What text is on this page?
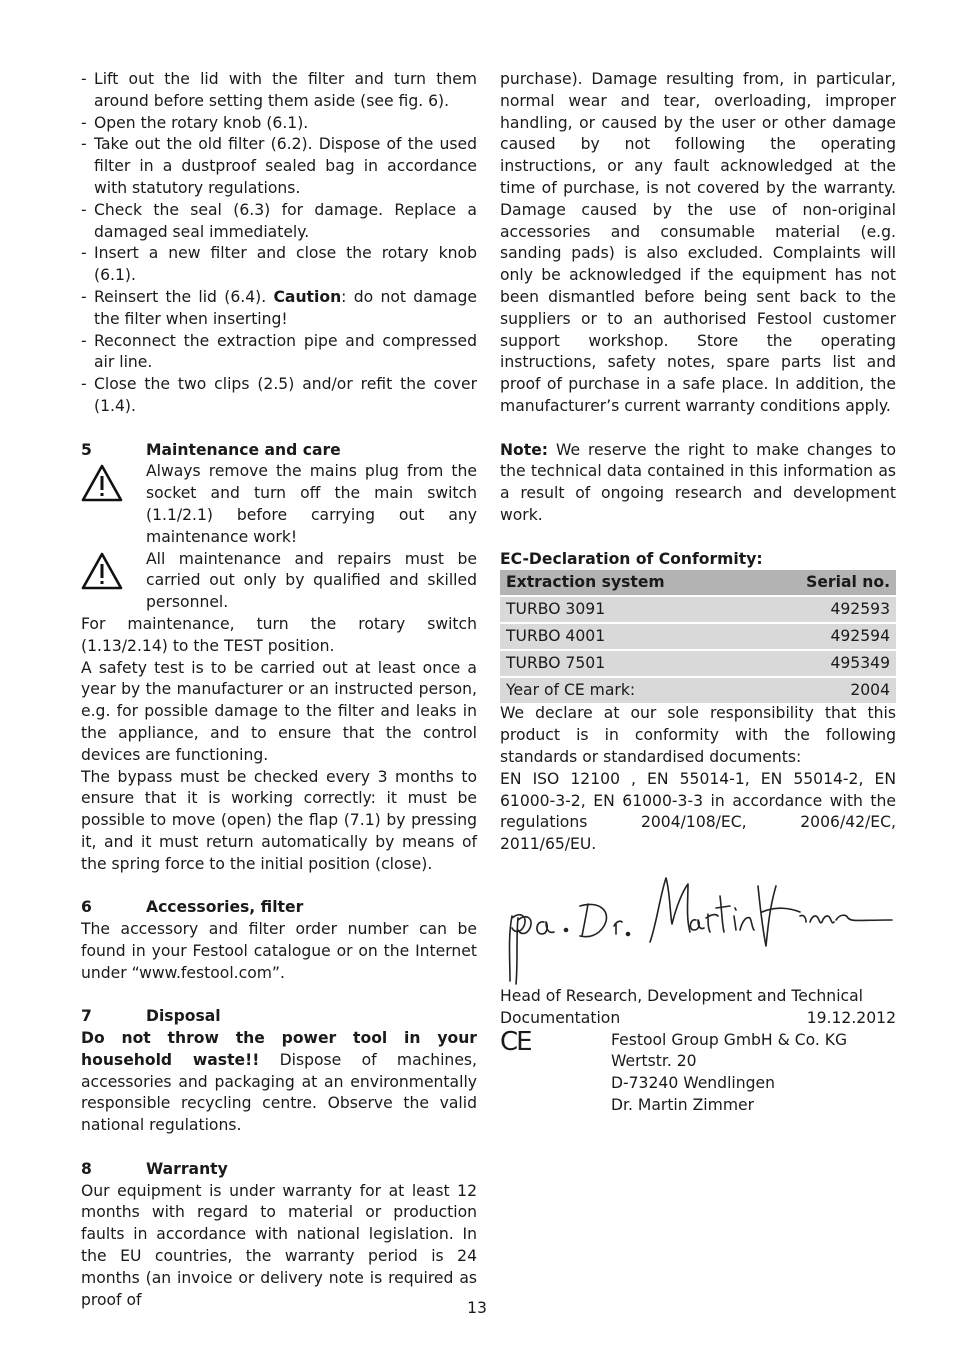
- Lift out the lid with the filter and turn them around before setting them aside (see fig. 6).
- Open the rotary knob (6.1).
- Take out the old filter (6.2). Dispose of the used filter in a dustproof sealed bag in accordance with statutory regulations.
- Check the seal (6.3) for damage. Replace a damaged seal immediately.
- Insert a new filter and close the rotary knob (6.1).
- Reinsert the lid (6.4). Caution: do not damage the filter when inserting!
- Reconnect the extraction pipe and compressed air line.
- Close the two clips (2.5) and/or refit the cover (1.4).
5	Maintenance and care

Always remove the mains plug from the socket and turn off the main switch (1.1/2.1) before carrying out any maintenance work!

All maintenance and repairs must be carried out only by qualified and skilled personnel.

For maintenance, turn the rotary switch (1.13/2.14) to the TEST position.

A safety test is to be carried out at least once a year by the manufacturer or an instructed person, e.g. for possible damage to the filter and leaks in the appliance, and to ensure that the control devices are functioning.

The bypass must be checked every 3 months to ensure that it is working correctly: it must be possible to move (open) the flap (7.1) by pressing it, and it must return automatically by means of the spring force to the initial position (close).

6	Accessories, filter

The accessory and filter order number can be found in your Festool catalogue or on the Internet under “www.festool.com”.

7	Disposal

Do not throw the power tool in your household waste!! Dispose of machines, accessories and packaging at an environmentally responsible recycling centre. Observe the valid national regulations.

8	Warranty

Our equipment is under warranty for at least 12 months with regard to material or production faults in accordance with national legislation. In the EU countries, the warranty period is 24 months (an invoice or delivery note is required as proof of

purchase). Damage resulting from, in particular, normal wear and tear, overloading, improper handling, or caused by the user or other damage caused by not following the operating instructions, or any fault acknowledged at the time of purchase, is not covered by the warranty. Damage caused by the use of non-original accessories and consumable material (e.g. sanding pads) is also excluded. Complaints will only be acknowledged if the equipment has not been dismantled before being sent back to the suppliers or to an authorised Festool customer support workshop. Store the operating instructions, safety notes, spare parts list and proof of purchase in a safe place. In addition, the manufacturer’s current warranty conditions apply.

Note: We reserve the right to make changes to the technical data contained in this information as a result of ongoing research and development work.

EC-Declaration of Conformity:

Extraction system	Serial no.
TURBO 3091	492593
TURBO 4001	492594
TURBO 7501	495349
Year of CE mark:	2004

We declare at our sole responsibility that this product is in conformity with the following standards or standardised documents:

EN ISO 12100 , EN 55014-1, EN 55014-2, EN 61000-3-2, EN 61000-3-3 in accordance with the regulations 2004/108/EC, 2006/42/EC, 2011/65/EU.

Head of Research, Development and Technical

Documentation	19.12.2012
CE	Festool Group GmbH & Co. KG
Wertstr. 20
D-73240 Wendlingen
Dr. Martin Zimmer
13
